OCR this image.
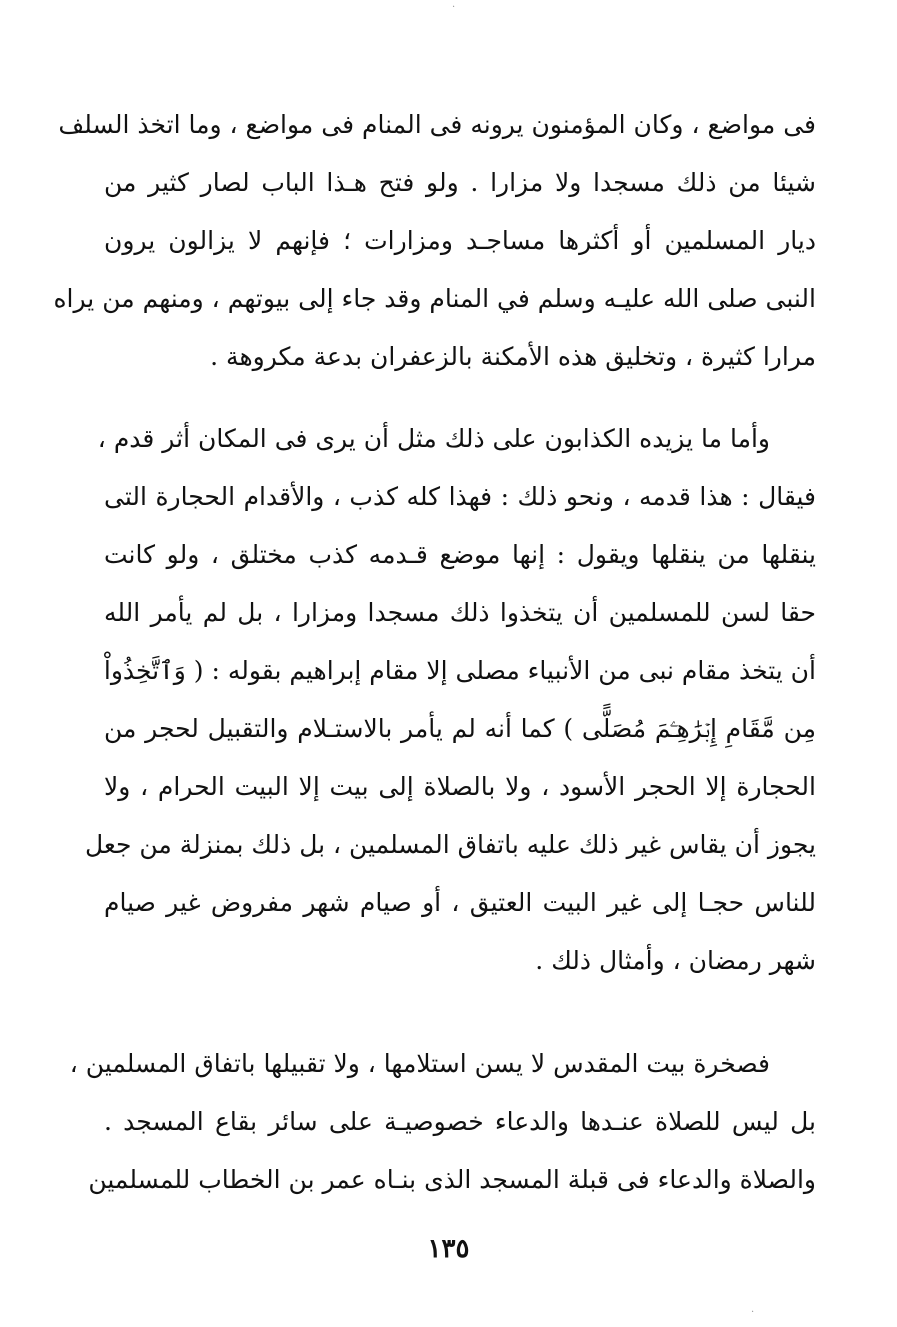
·
فى مواضع ، وكان المؤمنون يرونه فى المنام فى مواضع ، وما اتخذ السلف
شيئا من ذلك مسجدا ولا مزارا . ولو فتح هـذا الباب لصار كثير من
ديار المسلمين أو أكثرها مساجـد ومزارات ؛ فإنهم لا يزالون يرون
النبى صلى الله عليـه وسلم في المنام وقد جاء إلى بيوتهم ، ومنهم من يراه
مرارا كثيرة ، وتخليق هذه الأمكنة بالزعفران بدعة مكروهة .
وأما ما يزيده الكذابون على ذلك مثل أن يرى فى المكان أثر قدم ،
فيقال : هذا قدمه ، ونحو ذلك : فهذا كله كذب ، والأقدام الحجارة التى
ينقلها من ينقلها ويقول : إنها موضع قـدمه كذب مختلق ، ولو كانت
حقا لسن للمسلمين أن يتخذوا ذلك مسجدا ومزارا ، بل لم يأمر الله
أن يتخذ مقام نبى من الأنبياء مصلى إلا مقام إبراهيم بقوله : ( وَٱتَّخِذُواْ
مِن مَّقَامِ إِبۡرَٰهِـۧمَ مُصَلًّى ) كما أنه لم يأمر بالاستـلام والتقبيل لحجر من
الحجارة إلا الحجر الأسود ، ولا بالصلاة إلى بيت إلا البيت الحرام ، ولا
يجوز أن يقاس غير ذلك عليه باتفاق المسلمين ، بل ذلك بمنزلة من جعل
للناس حجـا إلى غير البيت العتيق ، أو صيام شهر مفروض غير صيام
شهر رمضان ، وأمثال ذلك .
فصخرة بيت المقدس لا يسن استلامها ، ولا تقبيلها باتفاق المسلمين ،
بل ليس للصلاة عنـدها والدعاء خصوصيـة على سائر بقاع المسجد .
والصلاة والدعاء فى قبلة المسجد الذى بنـاه عمر بن الخطاب للمسلمين
١٣٥
·
